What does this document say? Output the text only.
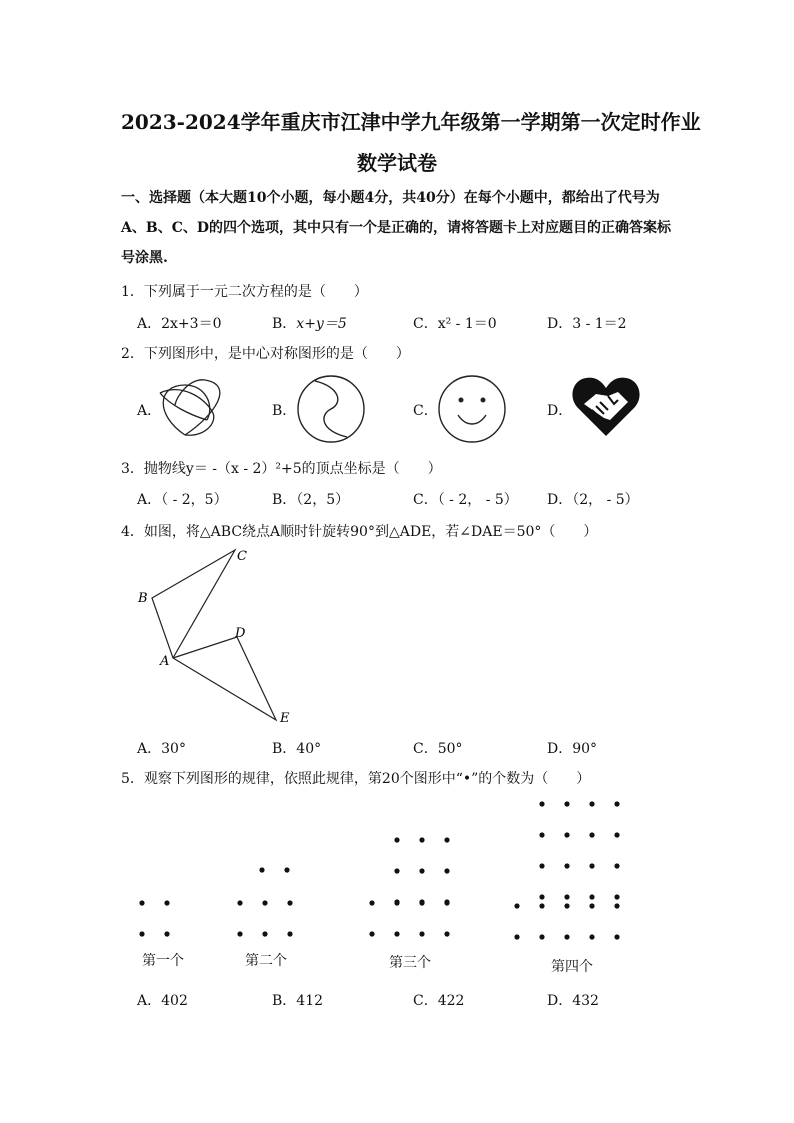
2023-2024学年重庆市江津中学九年级第一学期第一次定时作业
数学试卷
一、选择题（本大题10个小题，每小题4分，共40分）在每个小题中，都给出了代号为
A、B、C、D的四个选项，其中只有一个是正确的，请将答题卡上对应题目的正确答案标
号涂黑.
1．下列属于一元二次方程的是（　　）
A．2x+3＝0	B．x+y＝5	C．x² - 1＝0	D．3 - 1＝2
2．下列图形中，是中心对称图形的是（　　）
A．	B．	C．	D．
3．抛物线y＝ -（x - 2）²+5的顶点坐标是（　　）
A．（ - 2，5）	B．（2，5）	C．（ - 2， - 5） D．（2， - 5）
4．如图，将△ABC绕点A顺时针旋转90°到△ADE，若∠DAE＝50°（　　）
B
C
A
D
E
A．30°	B．40°	C．50°	D．90°
5．观察下列图形的规律，依照此规律，第20个图形中“•”的个数为（　　）
第一个	第二个	第三个	第四个
A．402	B．412	C．422	D．432
